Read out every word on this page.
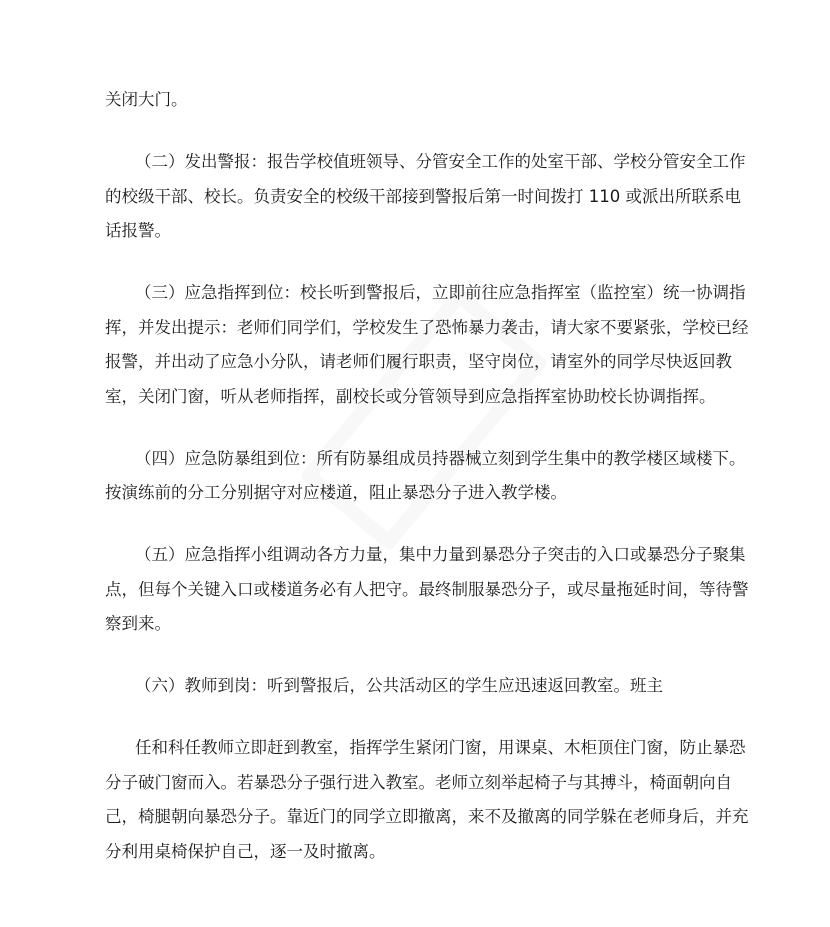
关闭大门。
（二）发出警报：报告学校值班领导、分管安全工作的处室干部、学校分管安全工作
的校级干部、校长。负责安全的校级干部接到警报后第一时间拨打 110 或派出所联系电
话报警。
（三）应急指挥到位：校长听到警报后，立即前往应急指挥室（监控室）统一协调指
挥，并发出提示：老师们同学们，学校发生了恐怖暴力袭击，请大家不要紧张，学校已经
报警，并出动了应急小分队，请老师们履行职责，坚守岗位，请室外的同学尽快返回教
室，关闭门窗，听从老师指挥，副校长或分管领导到应急指挥室协助校长协调指挥。
（四）应急防暴组到位：所有防暴组成员持器械立刻到学生集中的教学楼区域楼下。
按演练前的分工分别据守对应楼道，阻止暴恐分子进入教学楼。
（五）应急指挥小组调动各方力量，集中力量到暴恐分子突击的入口或暴恐分子聚集
点，但每个关键入口或楼道务必有人把守。最终制服暴恐分子，或尽量拖延时间，等待警
察到来。
（六）教师到岗：听到警报后，公共活动区的学生应迅速返回教室。班主
任和科任教师立即赶到教室，指挥学生紧闭门窗，用课桌、木柜顶住门窗，防止暴恐
分子破门窗而入。若暴恐分子强行进入教室。老师立刻举起椅子与其搏斗，椅面朝向自
己，椅腿朝向暴恐分子。靠近门的同学立即撤离，来不及撤离的同学躲在老师身后，并充
分利用桌椅保护自己，逐一及时撤离。
